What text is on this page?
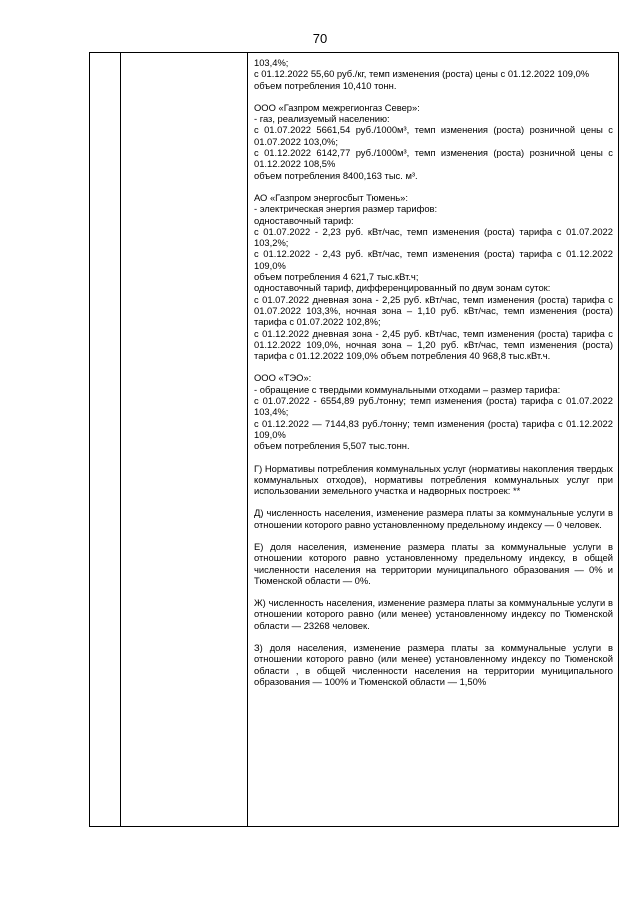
70

103,4%;

с 01.12.2022 55,60 руб./кг, темп изменения (роста) цены с 01.12.2022 109,0%

объем потребления 10,410 тонн.

ООО «Газпром межрегионгаз Север»:

- газ, реализуемый населению:

с 01.07.2022 5661,54 руб./1000м³, темп изменения (роста) розничной цены с 01.07.2022 103,0%;

с 01.12.2022 6142,77 руб./1000м³, темп изменения (роста) розничной цены с 01.12.2022 108,5%

объем потребления 8400,163 тыс. м³.

АО «Газпром энергосбыт Тюмень»:

- электрическая энергия размер тарифов:

одноставочный тариф:

с 01.07.2022 - 2,23 руб. кВт/час, темп изменения (роста) тарифа с 01.07.2022 103,2%;

с 01.12.2022 - 2,43 руб. кВт/час, темп изменения (роста) тарифа с 01.12.2022 109,0%

объем потребления 4 621,7 тыс.кВт.ч;

одноставочный тариф, дифференцированный по двум зонам суток:

с 01.07.2022 дневная зона - 2,25 руб. кВт/час, темп изменения (роста) тарифа с 01.07.2022 103,3%, ночная зона – 1,10 руб. кВт/час, темп изменения (роста) тарифа с 01.07.2022 102,8%;

с 01.12.2022 дневная зона - 2,45 руб. кВт/час, темп изменения (роста) тарифа с 01.12.2022 109,0%, ночная зона – 1,20 руб. кВт/час, темп изменения (роста) тарифа с 01.12.2022 109,0% объем потребления 40 968,8 тыс.кВт.ч.

ООО «ТЭО»:

- обращение с твердыми коммунальными отходами – размер тарифа:

с 01.07.2022 - 6554,89 руб./тонну; темп изменения (роста) тарифа с 01.07.2022 103,4%;

с 01.12.2022 — 7144,83 руб./тонну; темп изменения (роста) тарифа с 01.12.2022 109,0%

объем потребления 5,507 тыс.тонн.

Г) Нормативы потребления коммунальных услуг (нормативы накопления твердых коммунальных отходов), нормативы потребления коммунальных услуг при использовании земельного участка и надворных построек: **

Д) численность населения, изменение размера платы за коммунальные услуги в отношении которого равно установленному предельному индексу — 0 человек.

Е) доля населения, изменение размера платы за коммунальные услуги в отношении которого равно установленному предельному индексу, в общей численности населения на территории муниципального образования — 0% и Тюменской области — 0%.

Ж) численность населения, изменение размера платы за коммунальные услуги в отношении которого равно (или менее) установленному индексу по Тюменской области — 23268 человек.

З) доля населения, изменение размера платы за коммунальные услуги в отношении которого равно (или менее) установленному индексу по Тюменской области , в общей численности населения на территории муниципального образования — 100% и Тюменской области — 1,50%
